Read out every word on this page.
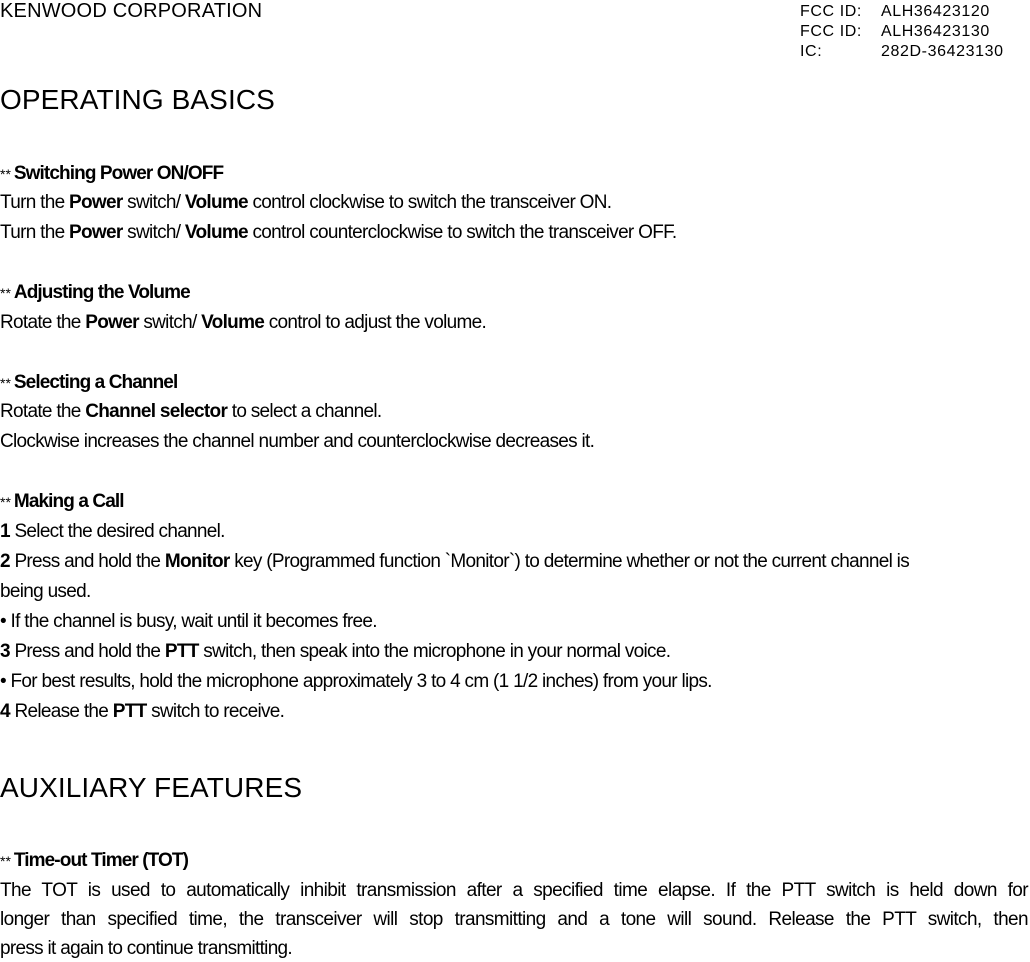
KENWOOD CORPORATION	FCC ID:	ALH36423120
FCC ID:	ALH36423130
IC:	282D-36423130
OPERATING BASICS
** Switching Power ON/OFF
Turn the Power switch/ Volume control clockwise to switch the transceiver ON.
Turn the Power switch/ Volume control counterclockwise to switch the transceiver OFF.
** Adjusting the Volume
Rotate the Power switch/ Volume control to adjust the volume.
** Selecting a Channel
Rotate the Channel selector to select a channel.
Clockwise increases the channel number and counterclockwise decreases it.
** Making a Call
1 Select the desired channel.
2 Press and hold the Monitor key (Programmed function `Monitor`) to determine whether or not the current channel is
being used.
• If the channel is busy, wait until it becomes free.
3 Press and hold the PTT switch, then speak into the microphone in your normal voice.
• For best results, hold the microphone approximately 3 to 4 cm (1 1/2 inches) from your lips.
4 Release the PTT switch to receive.
AUXILIARY FEATURES
** Time-out Timer (TOT)
The TOT is used to automatically inhibit transmission after a specified time elapse. If the PTT switch is held down for
longer than specified time, the transceiver will stop transmitting and a tone will sound. Release the PTT switch, then
press it again to continue transmitting.
